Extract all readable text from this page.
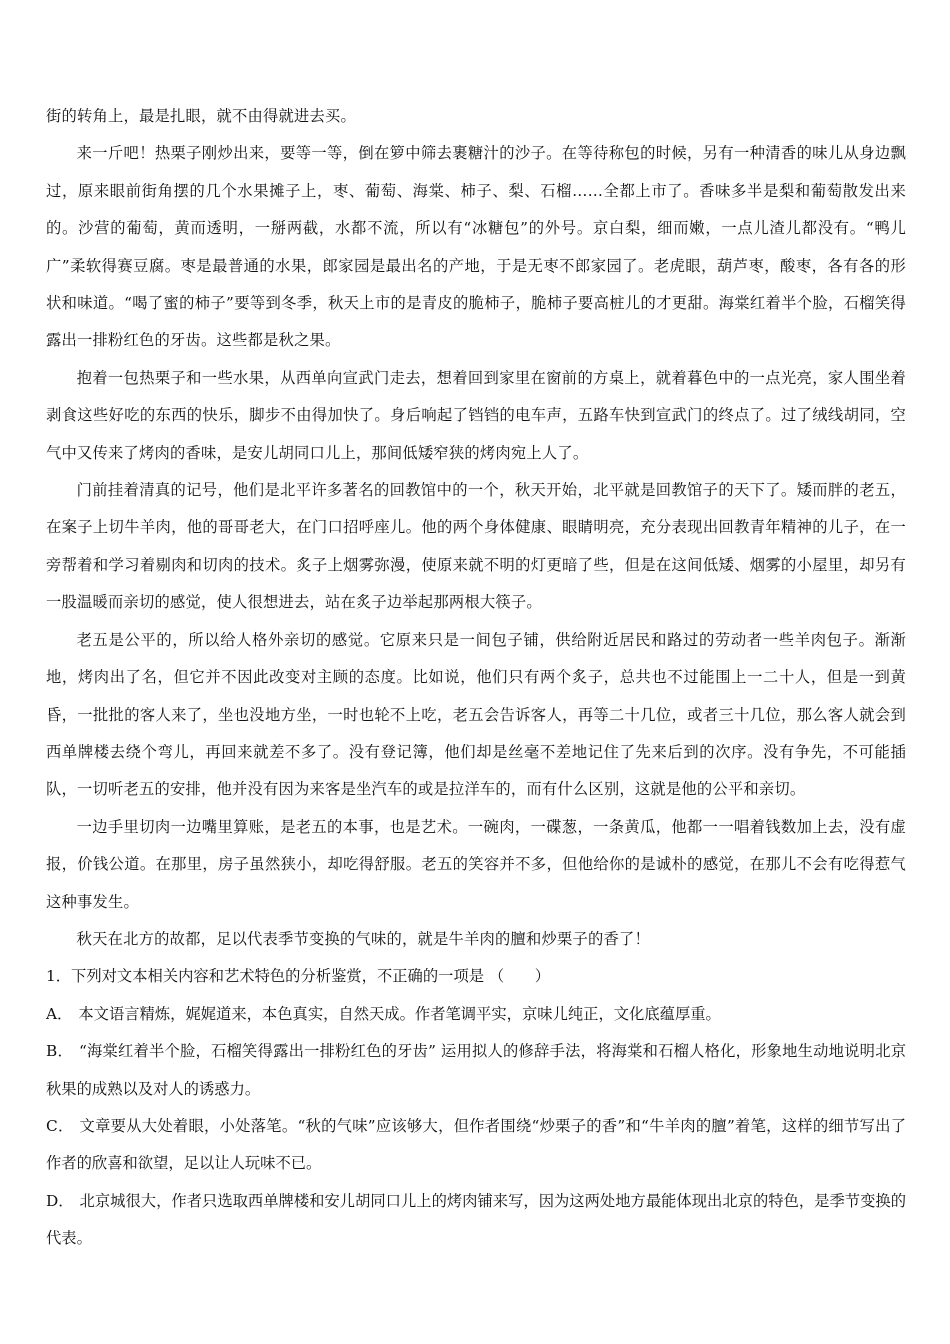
街的转角上，最是扎眼，就不由得就进去买。

来一斤吧！热栗子刚炒出来，要等一等，倒在箩中筛去裹糖汁的沙子。在等待称包的时候，另有一种清香的味儿从身边飘过，原来眼前街角摆的几个水果摊子上，枣、葡萄、海棠、柿子、梨、石榴……全都上市了。香味多半是梨和葡萄散发出来的。沙营的葡萄，黄而透明，一掰两截，水都不流，所以有“冰糖包”的外号。京白梨，细而嫩，一点儿渣儿都没有。“鸭儿广”柔软得赛豆腐。枣是最普通的水果，郎家园是最出名的产地，于是无枣不郎家园了。老虎眼，葫芦枣，酸枣，各有各的形状和味道。“喝了蜜的柿子”要等到冬季，秋天上市的是青皮的脆柿子，脆柿子要高桩儿的才更甜。海棠红着半个脸，石榴笑得露出一排粉红色的牙齿。这些都是秋之果。

抱着一包热栗子和一些水果，从西单向宣武门走去，想着回到家里在窗前的方桌上，就着暮色中的一点光亮，家人围坐着剥食这些好吃的东西的快乐，脚步不由得加快了。身后响起了铛铛的电车声，五路车快到宣武门的终点了。过了绒线胡同，空气中又传来了烤肉的香味，是安儿胡同口儿上，那间低矮窄狭的烤肉宛上人了。

门前挂着清真的记号，他们是北平许多著名的回教馆中的一个，秋天开始，北平就是回教馆子的天下了。矮而胖的老五，在案子上切牛羊肉，他的哥哥老大，在门口招呼座儿。他的两个身体健康、眼睛明亮，充分表现出回教青年精神的儿子，在一旁帮着和学习着剔肉和切肉的技术。炙子上烟雾弥漫，使原来就不明的灯更暗了些，但是在这间低矮、烟雾的小屋里，却另有一股温暖而亲切的感觉，使人很想进去，站在炙子边举起那两根大筷子。

老五是公平的，所以给人格外亲切的感觉。它原来只是一间包子铺，供给附近居民和路过的劳动者一些羊肉包子。渐渐地，烤肉出了名，但它并不因此改变对主顾的态度。比如说，他们只有两个炙子，总共也不过能围上一二十人，但是一到黄昏，一批批的客人来了，坐也没地方坐，一时也轮不上吃，老五会告诉客人，再等二十几位，或者三十几位，那么客人就会到西单牌楼去绕个弯儿，再回来就差不多了。没有登记簿，他们却是丝毫不差地记住了先来后到的次序。没有争先，不可能插队，一切听老五的安排，他并没有因为来客是坐汽车的或是拉洋车的，而有什么区别，这就是他的公平和亲切。

一边手里切肉一边嘴里算账，是老五的本事，也是艺术。一碗肉，一碟葱，一条黄瓜，他都一一唱着钱数加上去，没有虚报，价钱公道。在那里，房子虽然狭小，却吃得舒服。老五的笑容并不多，但他给你的是诚朴的感觉，在那儿不会有吃得惹气这种事发生。

秋天在北方的故都，足以代表季节变换的气味的，就是牛羊肉的膻和炒栗子的香了！

1．下列对文本相关内容和艺术特色的分析鉴赏，不正确的一项是 （　　）

A． 本文语言精炼，娓娓道来，本色真实，自然天成。作者笔调平实，京味儿纯正，文化底蕴厚重。

B． “海棠红着半个脸，石榴笑得露出一排粉红色的牙齿” 运用拟人的修辞手法，将海棠和石榴人格化，形象地生动地说明北京秋果的成熟以及对人的诱惑力。

C． 文章要从大处着眼，小处落笔。“秋的气味”应该够大，但作者围绕“炒栗子的香”和“牛羊肉的膻”着笔，这样的细节写出了作者的欣喜和欲望，足以让人玩味不已。

D． 北京城很大，作者只选取西单牌楼和安儿胡同口儿上的烤肉铺来写，因为这两处地方最能体现出北京的特色，是季节变换的代表。
